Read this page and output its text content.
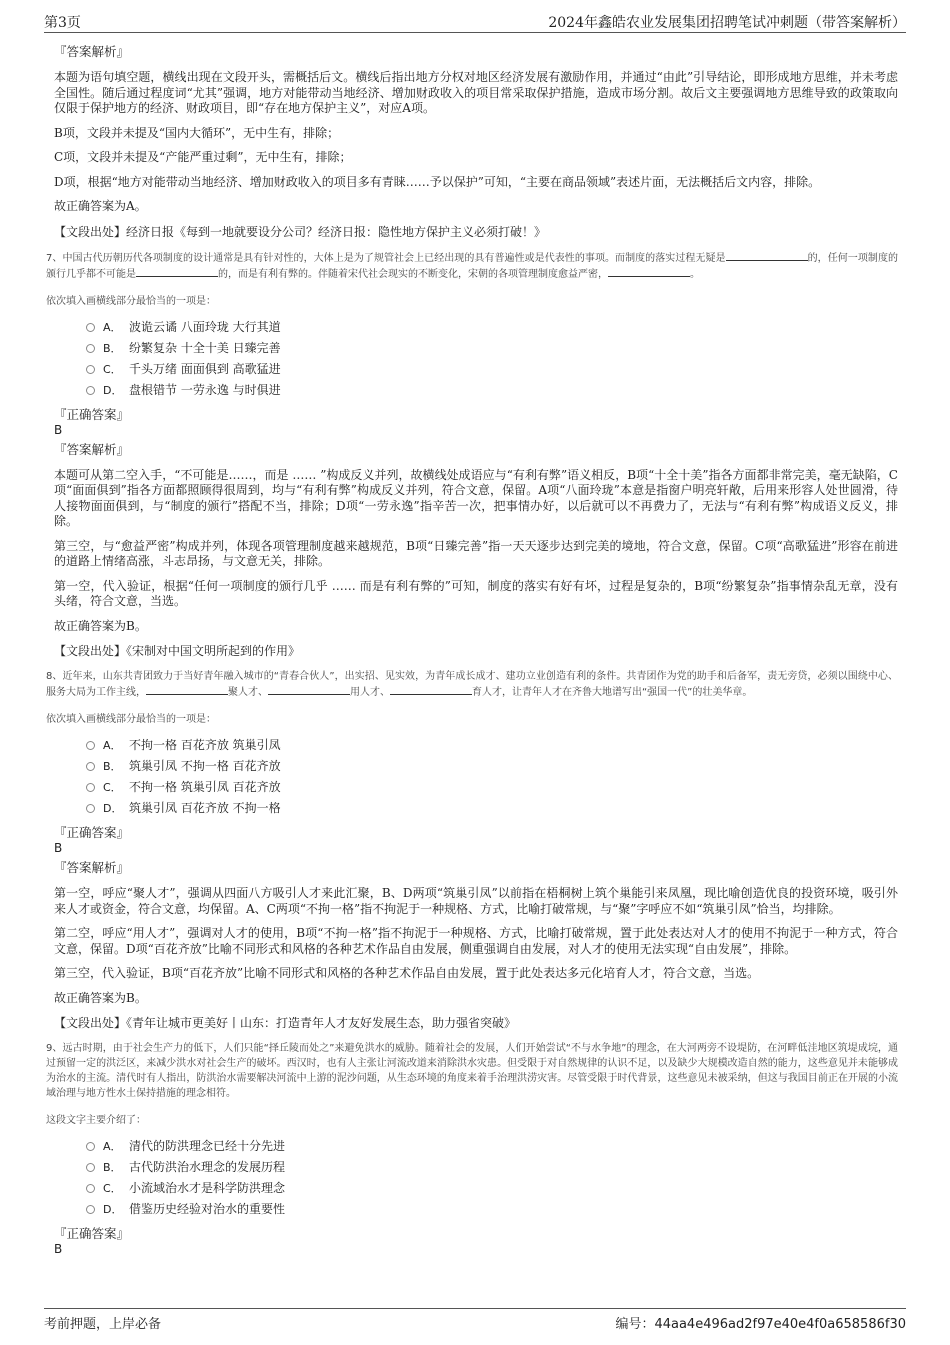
第3页	2024年鑫皓农业发展集团招聘笔试冲刺题（带答案解析）

『答案解析』

本题为语句填空题，横线出现在文段开头，需概括后文。横线后指出地方分权对地区经济发展有激励作用，并通过“由此”引导结论，即形成地方思维，并未考虑全国性。随后通过程度词“尤其”强调，地方对能带动当地经济、增加财政收入的项目常采取保护措施，造成市场分割。故后文主要强调地方思维导致的政策取向仅限于保护地方的经济、财政项目，即“存在地方保护主义”，对应A项。

B项，文段并未提及“国内大循环”，无中生有，排除；

C项，文段并未提及“产能严重过剩”，无中生有，排除；

D项，根据“地方对能带动当地经济、增加财政收入的项目多有青睐……予以保护”可知，“主要在商品领域”表述片面，无法概括后文内容，排除。

故正确答案为A。

【文段出处】经济日报《每到一地就要设分公司？经济日报：隐性地方保护主义必须打破！》

7、中国古代历朝历代各项制度的设计通常是具有针对性的，大体上是为了规管社会上已经出现的具有普遍性或是代表性的事项。而制度的落实过程无疑是	的，任何一项制度的颁行几乎都不可能是	的，而是有利有弊的。伴随着宋代社会现实的不断变化，宋朝的各项管理制度愈益严密，	。

依次填入画横线部分最恰当的一项是：

A． 波诡云谲 八面玲珑 大行其道
B． 纷繁复杂 十全十美 日臻完善
C． 千头万绪 面面俱到 高歌猛进
D． 盘根错节 一劳永逸 与时俱进

『正确答案』

B

『答案解析』

本题可从第二空入手，“不可能是……，而是 …… ”构成反义并列，故横线处成语应与“有利有弊”语义相反，B项“十全十美”指各方面都非常完美，毫无缺陷，C项“面面俱到”指各方面都照顾得很周到，均与“有利有弊”构成反义并列，符合文意，保留。A项“八面玲珑”本意是指窗户明亮轩敞，后用来形容人处世圆滑，待人接物面面俱到，与“制度的颁行”搭配不当，排除；D项“一劳永逸”指辛苦一次，把事情办好，以后就可以不再费力了，无法与“有利有弊”构成语义反义，排除。

第三空，与“愈益严密”构成并列，体现各项管理制度越来越规范，B项“日臻完善”指一天天逐步达到完美的境地，符合文意，保留。C项“高歌猛进”形容在前进的道路上情绪高涨，斗志昂扬，与文意无关，排除。

第一空，代入验证，根据“任何一项制度的颁行几乎 …… 而是有利有弊的”可知，制度的落实有好有坏，过程是复杂的，B项“纷繁复杂”指事情杂乱无章，没有头绪，符合文意，当选。

故正确答案为B。

【文段出处】《宋制对中国文明所起到的作用》

8、近年来，山东共青团致力于当好青年融入城市的“青春合伙人”，出实招、见实效，为青年成长成才、建功立业创造有利的条件。共青团作为党的助手和后备军，责无旁贷，必须以围绕中心、服务大局为工作主线，	聚人才、	用人才、	育人才，让青年人才在齐鲁大地谱写出“强国一代”的壮美华章。

依次填入画横线部分最恰当的一项是：

A． 不拘一格 百花齐放 筑巢引凤
B． 筑巢引凤 不拘一格 百花齐放
C． 不拘一格 筑巢引凤 百花齐放
D． 筑巢引凤 百花齐放 不拘一格

『正确答案』

B

『答案解析』

第一空，呼应“聚人才”，强调从四面八方吸引人才来此汇聚，B、D两项“筑巢引凤”以前指在梧桐树上筑个巢能引来凤凰，现比喻创造优良的投资环境，吸引外来人才或资金，符合文意，均保留。A、C两项“不拘一格”指不拘泥于一种规格、方式，比喻打破常规，与“聚”字呼应不如“筑巢引凤”恰当，均排除。

第二空，呼应“用人才”，强调对人才的使用，B项“不拘一格”指不拘泥于一种规格、方式，比喻打破常规，置于此处表达对人才的使用不拘泥于一种方式，符合文意，保留。D项“百花齐放”比喻不同形式和风格的各种艺术作品自由发展，侧重强调自由发展，对人才的使用无法实现“自由发展”，排除。

第三空，代入验证，B项“百花齐放”比喻不同形式和风格的各种艺术作品自由发展，置于此处表达多元化培育人才，符合文意，当选。

故正确答案为B。

【文段出处】《青年让城市更美好丨山东：打造青年人才友好发展生态，助力强省突破》

9、远古时期，由于社会生产力的低下，人们只能“择丘陵而处之”来避免洪水的威胁。随着社会的发展，人们开始尝试“不与水争地”的理念，在大河两旁不设堤防，在河畔低洼地区筑堤成垸，通过预留一定的洪泛区，来减少洪水对社会生产的破坏。西汉时，也有人主张让河流改道来消除洪水灾患。但受限于对自然规律的认识不足，以及缺少大规模改造自然的能力，这些意见并未能够成为治水的主流。清代时有人指出，防洪治水需要解决河流中上游的泥沙问题，从生态环境的角度来着手治理洪涝灾害。尽管受限于时代背景，这些意见未被采纳，但这与我国目前正在开展的小流域治理与地方性水土保持措施的理念相符。

这段文字主要介绍了：

A． 清代的防洪理念已经十分先进
B． 古代防洪治水理念的发展历程
C． 小流域治水才是科学防洪理念
D． 借鉴历史经验对治水的重要性

『正确答案』

B

考前押题，上岸必备	编号：44aa4e496ad2f97e40e4f0a658586f30
